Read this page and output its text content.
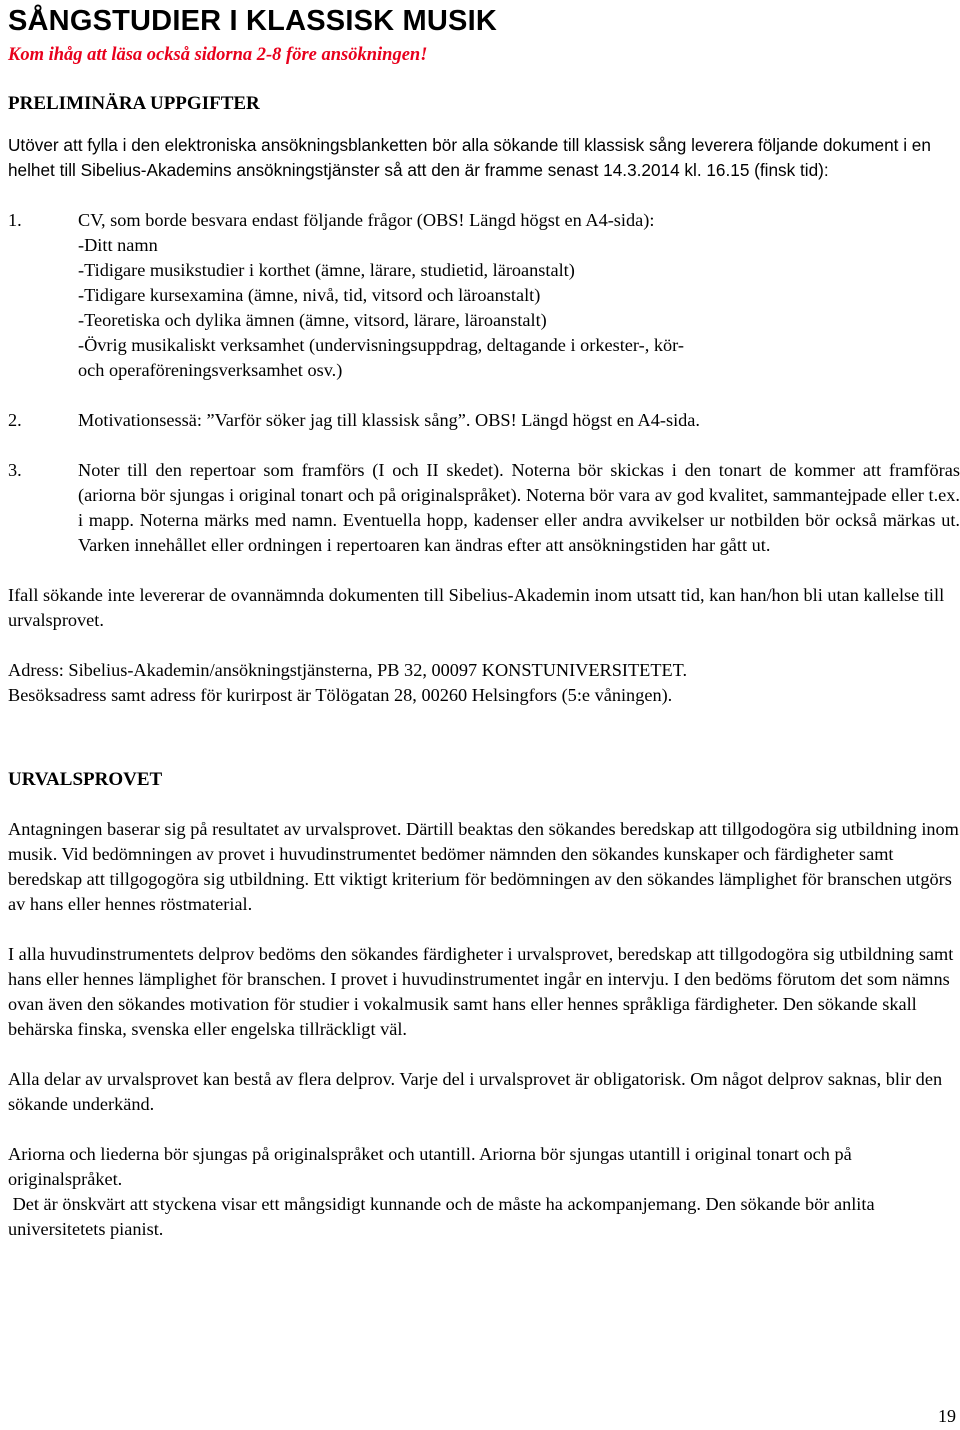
SÅNGSTUDIER I KLASSISK MUSIK
Kom ihåg att läsa också sidorna 2-8 före ansökningen!
PRELIMINÄRA UPPGIFTER

Utöver att fylla i den elektroniska ansökningsblanketten bör alla sökande till klassisk sång leverera följande dokument i en helhet till Sibelius-Akademins ansökningstjänster så att den är framme senast 14.3.2014 kl. 16.15 (finsk tid):

1.	CV, som borde besvara endast följande frågor (OBS! Längd högst en A4-sida):
-Ditt namn
-Tidigare musikstudier i korthet (ämne, lärare, studietid, läroanstalt)
-Tidigare kursexamina (ämne, nivå, tid, vitsord och läroanstalt)
-Teoretiska och dylika ämnen (ämne, vitsord, lärare, läroanstalt)
-Övrig musikaliskt verksamhet (undervisningsuppdrag, deltagande i orkester-, kör-
och operaföreningsverksamhet osv.)
2.	Motivationsessä: ”Varför söker jag till klassisk sång”. OBS! Längd högst en A4-sida.
3.	Noter till den repertoar som framförs (I och II skedet). Noterna bör skickas i den tonart de kommer att framföras (ariorna bör sjungas i original tonart och på originalspråket). Noterna bör vara av god kvalitet, sammantejpade eller t.ex. i mapp. Noterna märks med namn. Eventuella hopp, kadenser eller andra avvikelser ur notbilden bör också märkas ut. Varken innehållet eller ordningen i repertoaren kan ändras efter att ansökningstiden har gått ut.

Ifall sökande inte levererar de ovannämnda dokumenten till Sibelius-Akademin inom utsatt tid, kan han/hon bli utan kallelse till urvalsprovet.

Adress: Sibelius-Akademin/ansökningstjänsterna, PB 32, 00097 KONSTUNIVERSITETET.

Besöksadress samt adress för kurirpost är Tölögatan 28, 00260 Helsingfors (5:e våningen).

URVALSPROVET

Antagningen baserar sig på resultatet av urvalsprovet. Därtill beaktas den sökandes beredskap att tillgodogöra sig utbildning inom musik. Vid bedömningen av provet i huvudinstrumentet bedömer nämnden den sökandes kunskaper och färdigheter samt beredskap att tillgogogöra sig utbildning. Ett viktigt kriterium för bedömningen av den sökandes lämplighet för branschen utgörs av hans eller hennes röstmaterial.

I alla huvudinstrumentets delprov bedöms den sökandes färdigheter i urvalsprovet, beredskap att tillgodogöra sig utbildning samt hans eller hennes lämplighet för branschen. I provet i huvudinstrumentet ingår en intervju. I den bedöms förutom det som nämns ovan även den sökandes motivation för studier i vokalmusik samt hans eller hennes språkliga färdigheter. Den sökande skall behärska finska, svenska eller engelska tillräckligt väl.

Alla delar av urvalsprovet kan bestå av flera delprov. Varje del i urvalsprovet är obligatorisk. Om något delprov saknas, blir den sökande underkänd.

Ariorna och liederna bör sjungas på originalspråket och utantill. Ariorna bör sjungas utantill i original tonart och på originalspråket.

Det är önskvärt att styckena visar ett mångsidigt kunnande och de måste ha ackompanjemang. Den sökande bör anlita universitetets pianist.

19
